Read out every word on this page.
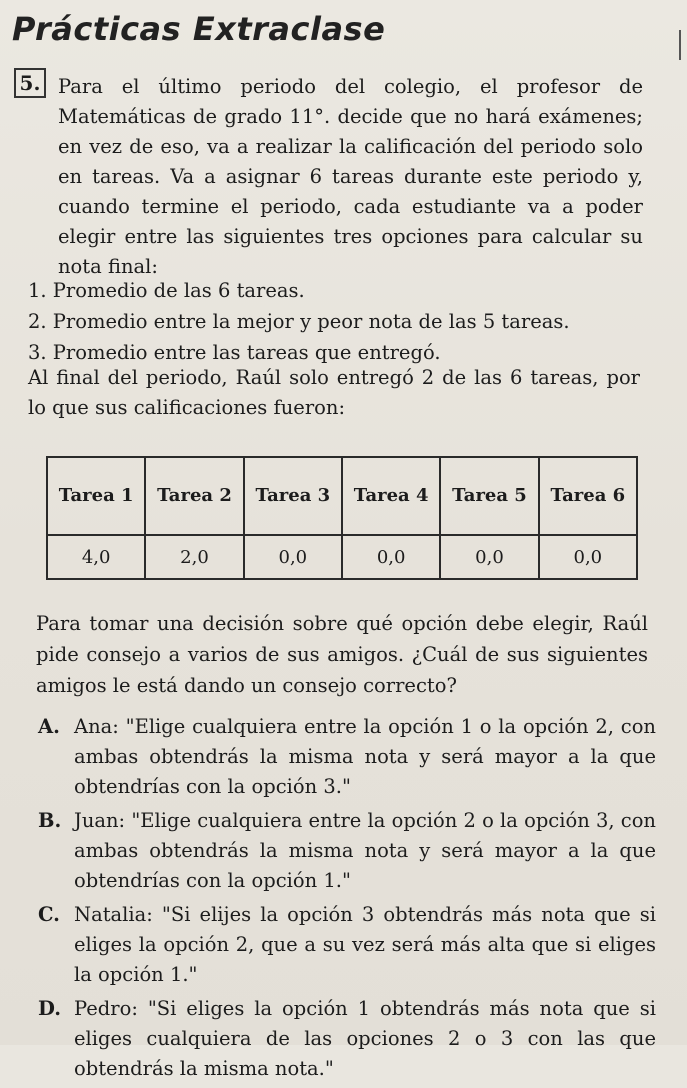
Prácticas Extraclase
5. Para el último periodo del colegio, el profesor de Matemáticas de grado 11°. decide que no hará exámenes; en vez de eso, va a realizar la calificación del periodo solo en tareas. Va a asignar 6 tareas durante este periodo y, cuando termine el periodo, cada estudiante va a poder elegir entre las siguientes tres opciones para calcular su nota final:
1. Promedio de las 6 tareas.
2. Promedio entre la mejor y peor nota de las 5 tareas.
3. Promedio entre las tareas que entregó.
Al final del periodo, Raúl solo entregó 2 de las 6 tareas, por lo que sus calificaciones fueron:
Tarea 1	Tarea 2	Tarea 3	Tarea 4	Tarea 5	Tarea 6
4,0	2,0	0,0	0,0	0,0	0,0
Para tomar una decisión sobre qué opción debe elegir, Raúl pide consejo a varios de sus amigos. ¿Cuál de sus siguientes amigos le está dando un consejo correcto?
A. Ana: "Elige cualquiera entre la opción 1 o la opción 2, con ambas obtendrás la misma nota y será mayor a la que obtendrías con la opción 3."
B. Juan: "Elige cualquiera entre la opción 2 o la opción 3, con ambas obtendrás la misma nota y será mayor a la que obtendrías con la opción 1."
C. Natalia: "Si elijes la opción 3 obtendrás más nota que si eliges la opción 2, que a su vez será más alta que si eliges la opción 1."
D. Pedro: "Si eliges la opción 1 obtendrás más nota que si eliges cualquiera de las opciones 2 o 3 con las que obtendrás la misma nota."
